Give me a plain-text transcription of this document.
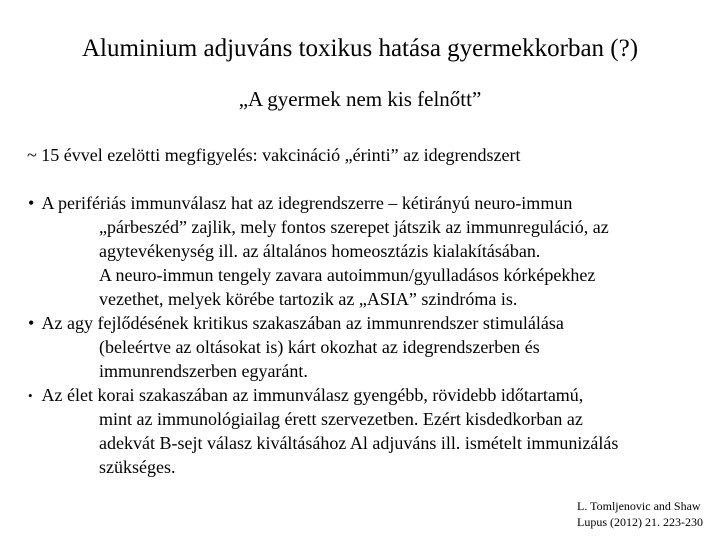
Aluminium adjuváns toxikus hatása gyermekkorban (?)
„A gyermek nem kis felnőtt”
~ 15 évvel ezelötti megfigyelés: vakcináció „érinti” az idegrendszert
• A perifériás immunválasz hat az idegrendszerre – kétirányú neuro-immun
„párbeszéd” zajlik, mely fontos szerepet játszik az immunreguláció, az
agytevékenység ill. az általános homeosztázis kialakításában.
A neuro-immun tengely zavara autoimmun/gyulladásos kórképekhez
vezethet, melyek körébe tartozik az „ASIA” szindróma is.
• Az agy fejlődésének kritikus szakaszában az immunrendszer stimulálása
(beleértve az oltásokat is) kárt okozhat az idegrendszerben és
immunrendszerben egyaránt.
• Az élet korai szakaszában az immunválasz gyengébb, rövidebb időtartamú,
mint az immunológiailag érett szervezetben. Ezért kisdedkorban az
adekvát B-sejt válasz kiváltásához Al adjuváns ill. ismételt immunizálás
szükséges.
L. Tomljenovic and Shaw
Lupus (2012) 21. 223-230
